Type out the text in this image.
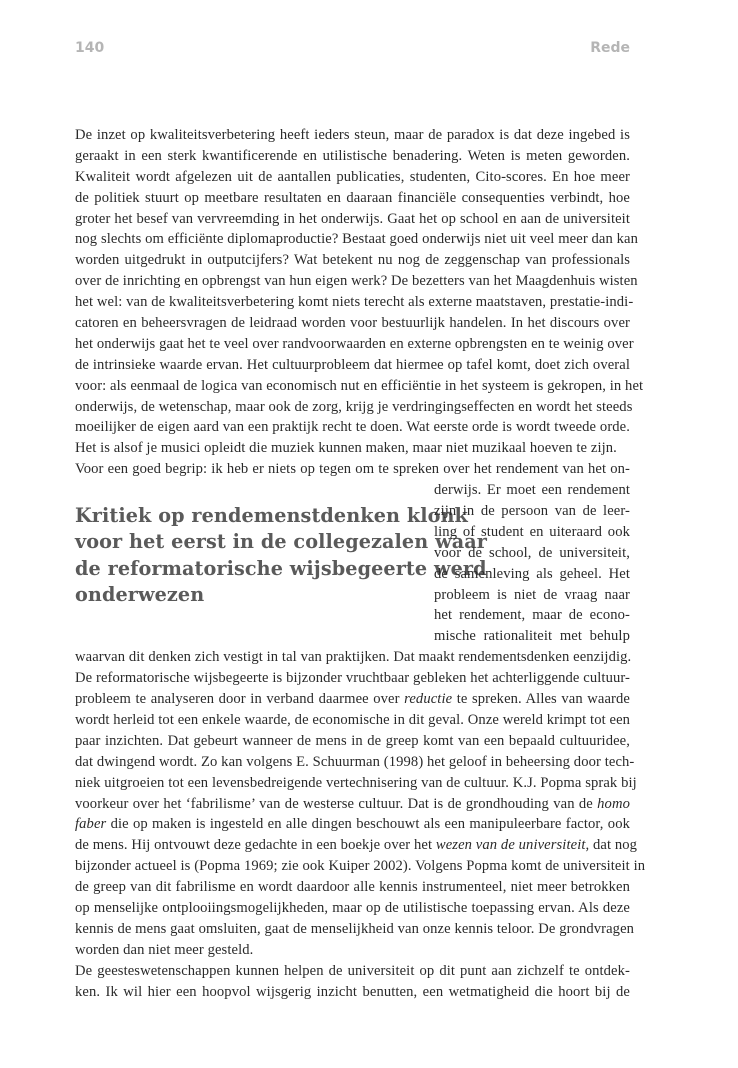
140	Rede
De inzet op kwaliteitsverbetering heeft ieders steun, maar de paradox is dat deze ingebed is
geraakt in een sterk kwantificerende en utilistische benadering. Weten is meten geworden.
Kwaliteit wordt afgelezen uit de aantallen publicaties, studenten, Cito-scores. En hoe meer
de politiek stuurt op meetbare resultaten en daaraan financiële consequenties verbindt, hoe
groter het besef van vervreemding in het onderwijs. Gaat het op school en aan de universiteit
nog slechts om efficiënte diplomaproductie? Bestaat goed onderwijs niet uit veel meer dan kan
worden uitgedrukt in outputcijfers? Wat betekent nu nog de zeggenschap van professionals
over de inrichting en opbrengst van hun eigen werk? De bezetters van het Maagdenhuis wisten
het wel: van de kwaliteitsverbetering komt niets terecht als externe maatstaven, prestatie-indi-
catoren en beheersvragen de leidraad worden voor bestuurlijk handelen. In het discours over
het onderwijs gaat het te veel over randvoorwaarden en externe opbrengsten en te weinig over
de intrinsieke waarde ervan. Het cultuurprobleem dat hiermee op tafel komt, doet zich overal
voor: als eenmaal de logica van economisch nut en efficiëntie in het systeem is gekropen, in het
onderwijs, de wetenschap, maar ook de zorg, krijg je verdringingseffecten en wordt het steeds
moeilijker de eigen aard van een praktijk recht te doen. Wat eerste orde is wordt tweede orde.
Het is alsof je musici opleidt die muziek kunnen maken, maar niet muzikaal hoeven te zijn.
Voor een goed begrip: ik heb er niets op tegen om te spreken over het rendement van het on-
Kritiek op rendemenstdenken klonk
voor het eerst in de collegezalen waar
de reformatorische wijsbegeerte werd
onderwezen
derwijs. Er moet een rendement
zijn in de persoon van de leer-
ling of student en uiteraard ook
voor de school, de universiteit,
de samenleving als geheel. Het
probleem is niet de vraag naar
het rendement, maar de econo-
mische rationaliteit met behulp
waarvan dit denken zich vestigt in tal van praktijken. Dat maakt rendementsdenken eenzijdig.
De reformatorische wijsbegeerte is bijzonder vruchtbaar gebleken het achterliggende cultuur-
probleem te analyseren door in verband daarmee over reductie te spreken. Alles van waarde
wordt herleid tot een enkele waarde, de economische in dit geval. Onze wereld krimpt tot een
paar inzichten. Dat gebeurt wanneer de mens in de greep komt van een bepaald cultuuridee,
dat dwingend wordt. Zo kan volgens E. Schuurman (1998) het geloof in beheersing door tech-
niek uitgroeien tot een levensbedreigende vertechnisering van de cultuur. K.J. Popma sprak bij
voorkeur over het ‘fabrilisme’ van de westerse cultuur. Dat is de grondhouding van de homo
faber die op maken is ingesteld en alle dingen beschouwt als een manipuleerbare factor, ook
de mens. Hij ontvouwt deze gedachte in een boekje over het wezen van de universiteit, dat nog
bijzonder actueel is (Popma 1969; zie ook Kuiper 2002). Volgens Popma komt de universiteit in
de greep van dit fabrilisme en wordt daardoor alle kennis instrumenteel, niet meer betrokken
op menselijke ontplooiingsmogelijkheden, maar op de utilistische toepassing ervan. Als deze
kennis de mens gaat omsluiten, gaat de menselijkheid van onze kennis teloor. De grondvragen
worden dan niet meer gesteld.
De geesteswetenschappen kunnen helpen de universiteit op dit punt aan zichzelf te ontdek-
ken. Ik wil hier een hoopvol wijsgerig inzicht benutten, een wetmatigheid die hoort bij de
